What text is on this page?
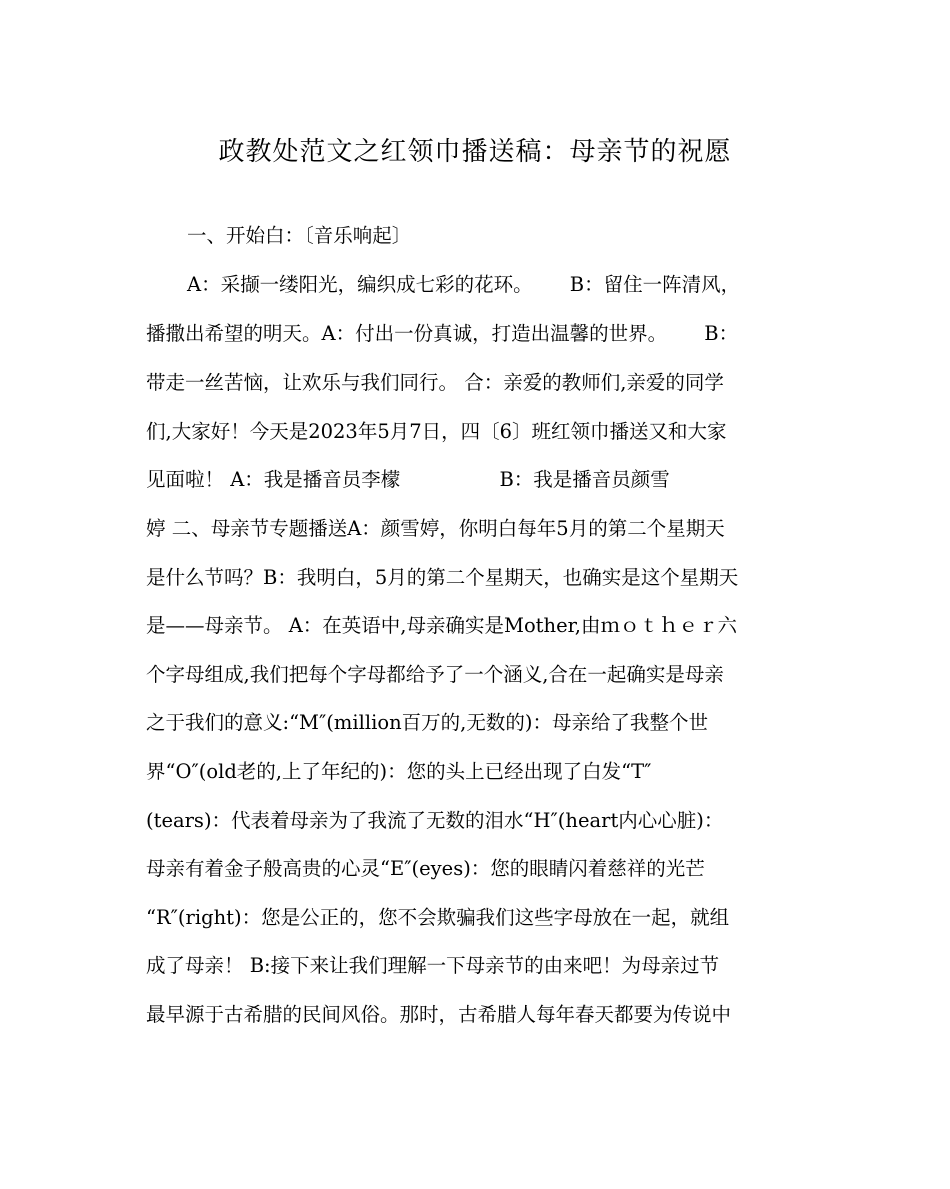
政教处范文之红领巾播送稿：母亲节的祝愿
一、开始白：〔音乐响起〕
A：采撷一缕阳光，编织成七彩的花环。      B：留住一阵清风，
播撒出希望的明天。A：付出一份真诚，打造出温馨的世界。      B：
带走一丝苦恼，让欢乐与我们同行。 合：亲爱的教师们,亲爱的同学
们,大家好！今天是2023年5月7日，四〔6〕班红领巾播送又和大家
见面啦！ A：我是播音员李檬                B：我是播音员颜雪
婷 二、母亲节专题播送A：颜雪婷，你明白每年5月的第二个星期天
是什么节吗？B：我明白，5月的第二个星期天，也确实是这个星期天
是——母亲节。 A：在英语中,母亲确实是Mother,由ｍｏｔｈｅｒ六
个字母组成,我们把每个字母都给予了一个涵义,合在一起确实是母亲
之于我们的意义:“M″(million百万的,无数的)：母亲给了我整个世
界“O″(old老的,上了年纪的)：您的头上已经出现了白发“T″
(tears)：代表着母亲为了我流了无数的泪水“H″(heart内心心脏)：
母亲有着金子般高贵的心灵“E″(eyes)：您的眼睛闪着慈祥的光芒
“R″(right)：您是公正的，您不会欺骗我们这些字母放在一起，就组
成了母亲！ B:接下来让我们理解一下母亲节的由来吧！为母亲过节
最早源于古希腊的民间风俗。那时，古希腊人每年春天都要为传说中
